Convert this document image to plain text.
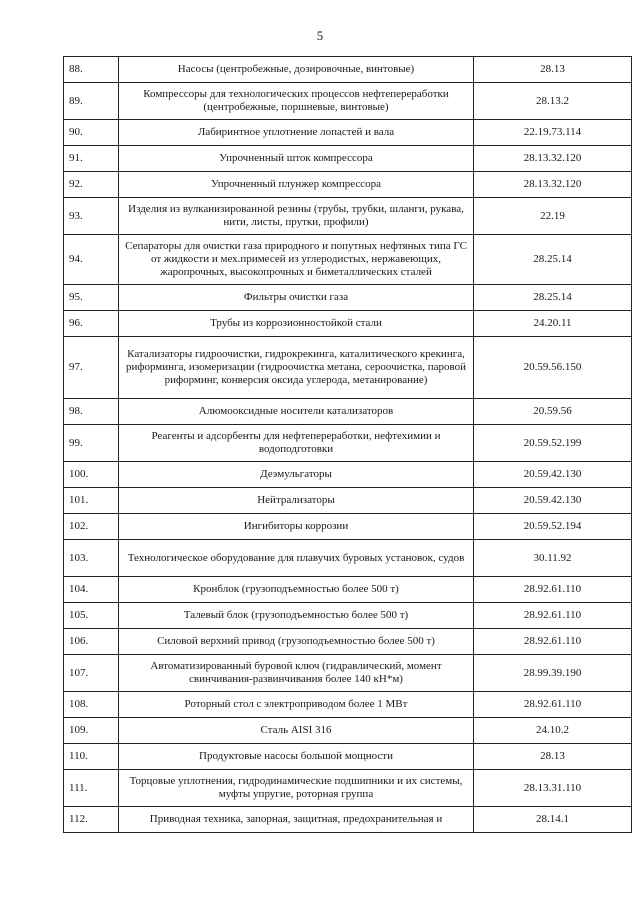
5
88.	Насосы (центробежные, дозировочные, винтовые)	28.13
89.	Компрессоры для технологических процессов нефтепереработки (центробежные, поршневые, винтовые)	28.13.2
90.	Лабиринтное уплотнение лопастей и вала	22.19.73.114
91.	Упрочненный шток компрессора	28.13.32.120
92.	Упрочненный плунжер компрессора	28.13.32.120
93.	Изделия из вулканизированной резины (трубы, трубки, шланги, рукава, нити, листы, прутки, профили)	22.19
94.	Сепараторы для очистки газа природного и попутных нефтяных типа ГС от жидкости и мех.примесей из углеродистых, нержавеющих, жаропрочных, высокопрочных и биметаллических сталей	28.25.14
95.	Фильтры очистки газа	28.25.14
96.	Трубы из коррозионностойкой стали	24.20.11
97.	Катализаторы гидроочистки, гидрокрекинга, каталитического крекинга, риформинга, изомеризации (гидроочистка метана, сероочистка, паровой риформинг, конверсия оксида углерода, метанирование)	20.59.56.150
98.	Алюмооксидные носители катализаторов	20.59.56
99.	Реагенты и адсорбенты для нефтепереработки, нефтехимии и водоподготовки	20.59.52.199
100.	Деэмульгаторы	20.59.42.130
101.	Нейтрализаторы	20.59.42.130
102.	Ингибиторы коррозии	20.59.52.194
103.	Технологическое оборудование для плавучих буровых установок, судов	30.11.92
104.	Кронблок (грузоподъемностью более 500 т)	28.92.61.110
105.	Талевый блок (грузоподъемностью более 500 т)	28.92.61.110
106.	Силовой верхний привод (грузоподъемностью более 500 т)	28.92.61.110
107.	Автоматизированный буровой ключ (гидравлический, момент свинчивания-развинчивания более 140 кН*м)	28.99.39.190
108.	Роторный стол с электроприводом более 1 МВт	28.92.61.110
109.	Сталь AISI 316	24.10.2
110.	Продуктовые насосы большой мощности	28.13
111.	Торцовые уплотнения, гидродинамические подшипники и их системы, муфты упругие, роторная группа	28.13.31.110
112.	Приводная техника, запорная, защитная, предохранительная и	28.14.1
